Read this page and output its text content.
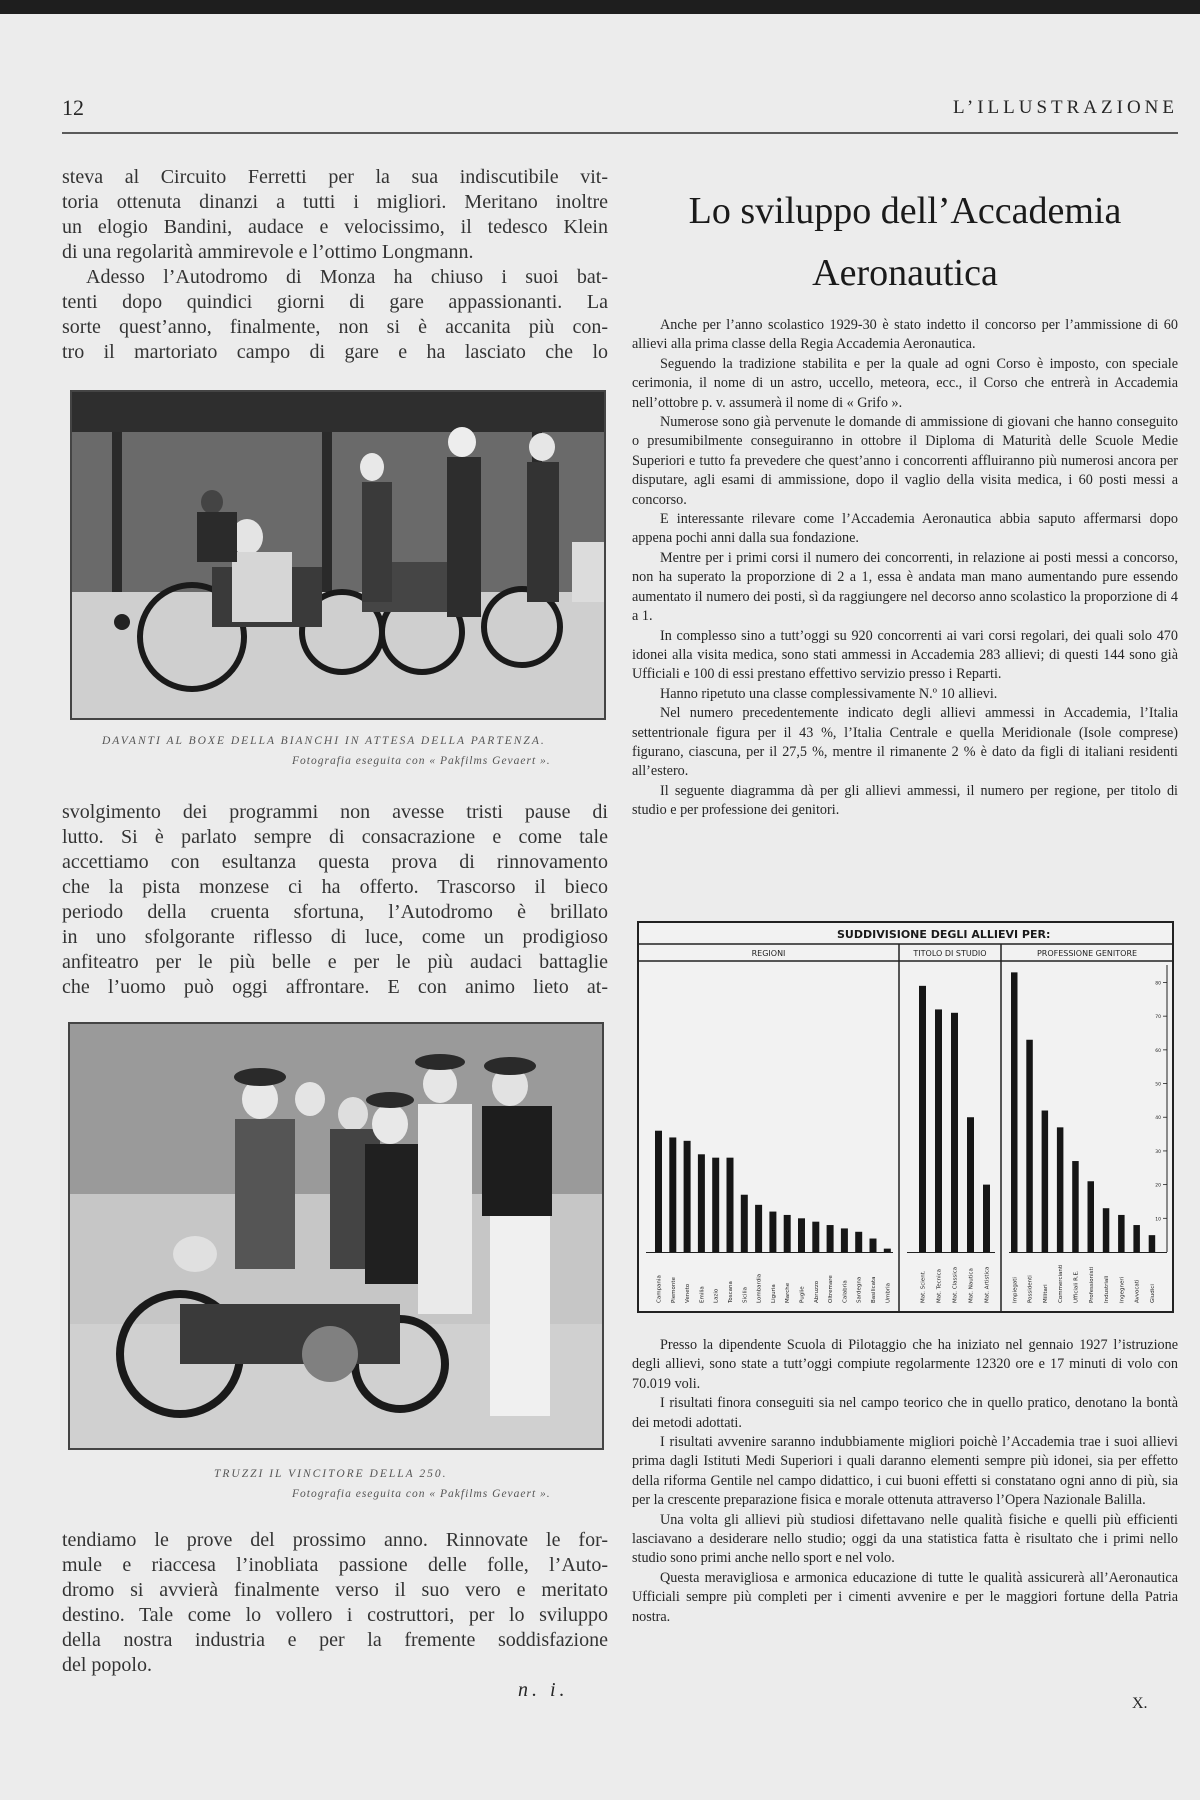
12	L’ILLUSTRAZIONE

steva al Circuito Ferretti per la sua indiscutibile vit-

toria ottenuta dinanzi a tutti i migliori. Meritano inoltre

un elogio Bandini, audace e velocissimo, il tedesco Klein

di una regolarità ammirevole e l’ottimo Longmann.

Adesso l’Autodromo di Monza ha chiuso i suoi bat-

tenti dopo quindici giorni di gare appassionanti. La

sorte quest’anno, finalmente, non si è accanita più con-

tro il martoriato campo di gare e ha lasciato che lo

DAVANTI AL BOXE DELLA BIANCHI IN ATTESA DELLA PARTENZA.
Fotografia eseguita con « Pakfilms Gevaert ».

svolgimento dei programmi non avesse tristi pause di

lutto. Si è parlato sempre di consacrazione e come tale

accettiamo con esultanza questa prova di rinnovamento

che la pista monzese ci ha offerto. Trascorso il bieco

periodo della cruenta sfortuna, l’Autodromo è brillato

in uno sfolgorante riflesso di luce, come un prodigioso

anfiteatro per le più belle e per le più audaci battaglie

che l’uomo può oggi affrontare. E con animo lieto at-

TRUZZI IL VINCITORE DELLA 250.
Fotografia eseguita con « Pakfilms Gevaert ».

tendiamo le prove del prossimo anno. Rinnovate le for-

mule e riaccesa l’inobliata passione delle folle, l’Auto-

dromo si avvierà finalmente verso il suo vero e meritato

destino. Tale come lo vollero i costruttori, per lo sviluppo

della nostra industria e per la fremente soddisfazione

del popolo.

n. i.
Lo sviluppo dell’Accademia
Aeronautica

Anche per l’anno scolastico 1929-30 è stato indetto il concorso per l’ammissione di 60 allievi alla prima classe della Regia Accademia Aeronautica.

Seguendo la tradizione stabilita e per la quale ad ogni Corso è imposto, con speciale cerimonia, il nome di un astro, uccello, meteora, ecc., il Corso che entrerà in Accademia nell’ottobre p. v. assumerà il nome di « Grifo ».

Numerose sono già pervenute le domande di ammissione di giovani che hanno conseguito o presumibilmente conseguiranno in ottobre il Diploma di Maturità delle Scuole Medie Superiori e tutto fa prevedere che quest’anno i concorrenti affluiranno più numerosi ancora per disputare, agli esami di ammissione, dopo il vaglio della visita medica, i 60 posti messi a concorso.

E interessante rilevare come l’Accademia Aeronautica abbia saputo affermarsi dopo appena pochi anni dalla sua fondazione.

Mentre per i primi corsi il numero dei concorrenti, in relazione ai posti messi a concorso, non ha superato la proporzione di 2 a 1, essa è andata man mano aumentando pure essendo aumentato il numero dei posti, sì da raggiungere nel decorso anno scolastico la proporzione di 4 a 1.

In complesso sino a tutt’oggi su 920 concorrenti ai vari corsi regolari, dei quali solo 470 idonei alla visita medica, sono stati ammessi in Accademia 283 allievi; di questi 144 sono già Ufficiali e 100 di essi prestano effettivo servizio presso i Reparti.

Hanno ripetuto una classe complessivamente N.º 10 allievi.

Nel numero precedentemente indicato degli allievi ammessi in Accademia, l’Italia settentrionale figura per il 43 %, l’Italia Centrale e quella Meridionale (Isole comprese) figurano, ciascuna, per il 27,5 %, mentre il rimanente 2 % è dato da figli di italiani residenti all’estero.

Il seguente diagramma dà per gli allievi ammessi, il numero per regione, per titolo di studio e per professione dei genitori.

SUDDIVISIONE DEGLI ALLIEVI PER:
REGIONI
Campania Piemonte Veneto Emilia Lazio Toscana Sicilia Lombardia Liguria Marche Puglie Abruzzo Oltremare Calabria Sardegna Basilicata Umbria
TITOLO DI STUDIO
Mat. Scient. Mat. Tecnica Mat. Classica Mat. Nautica Mat. Artistica
PROFESSIONE GENITORE
Impiegati Possidenti Militari Commercianti Ufficiali R.E. Professionisti Industriali Ingegneri Avvocati Giudici
10
20
30
40
50
60
70
80

Presso la dipendente Scuola di Pilotaggio che ha iniziato nel gennaio 1927 l’istruzione degli allievi, sono state a tutt’oggi compiute regolarmente 12320 ore e 17 minuti di volo con 70.019 voli.

I risultati finora conseguiti sia nel campo teorico che in quello pratico, denotano la bontà dei metodi adottati.

I risultati avvenire saranno indubbiamente migliori poichè l’Accademia trae i suoi allievi prima dagli Istituti Medi Superiori i quali daranno elementi sempre più idonei, sia per effetto della riforma Gentile nel campo didattico, i cui buoni effetti si constatano ogni anno di più, sia per la crescente preparazione fisica e morale ottenuta attraverso l’Opera Nazionale Balilla.

Una volta gli allievi più studiosi difettavano nelle qualità fisiche e quelli più efficienti lasciavano a desiderare nello studio; oggi da una statistica fatta è risultato che i primi nello studio sono primi anche nello sport e nel volo.

Questa meravigliosa e armonica educazione di tutte le qualità assicurerà all’Aeronautica Ufficiali sempre più completi per i cimenti avvenire e per le maggiori fortune della Patria nostra.

X.
